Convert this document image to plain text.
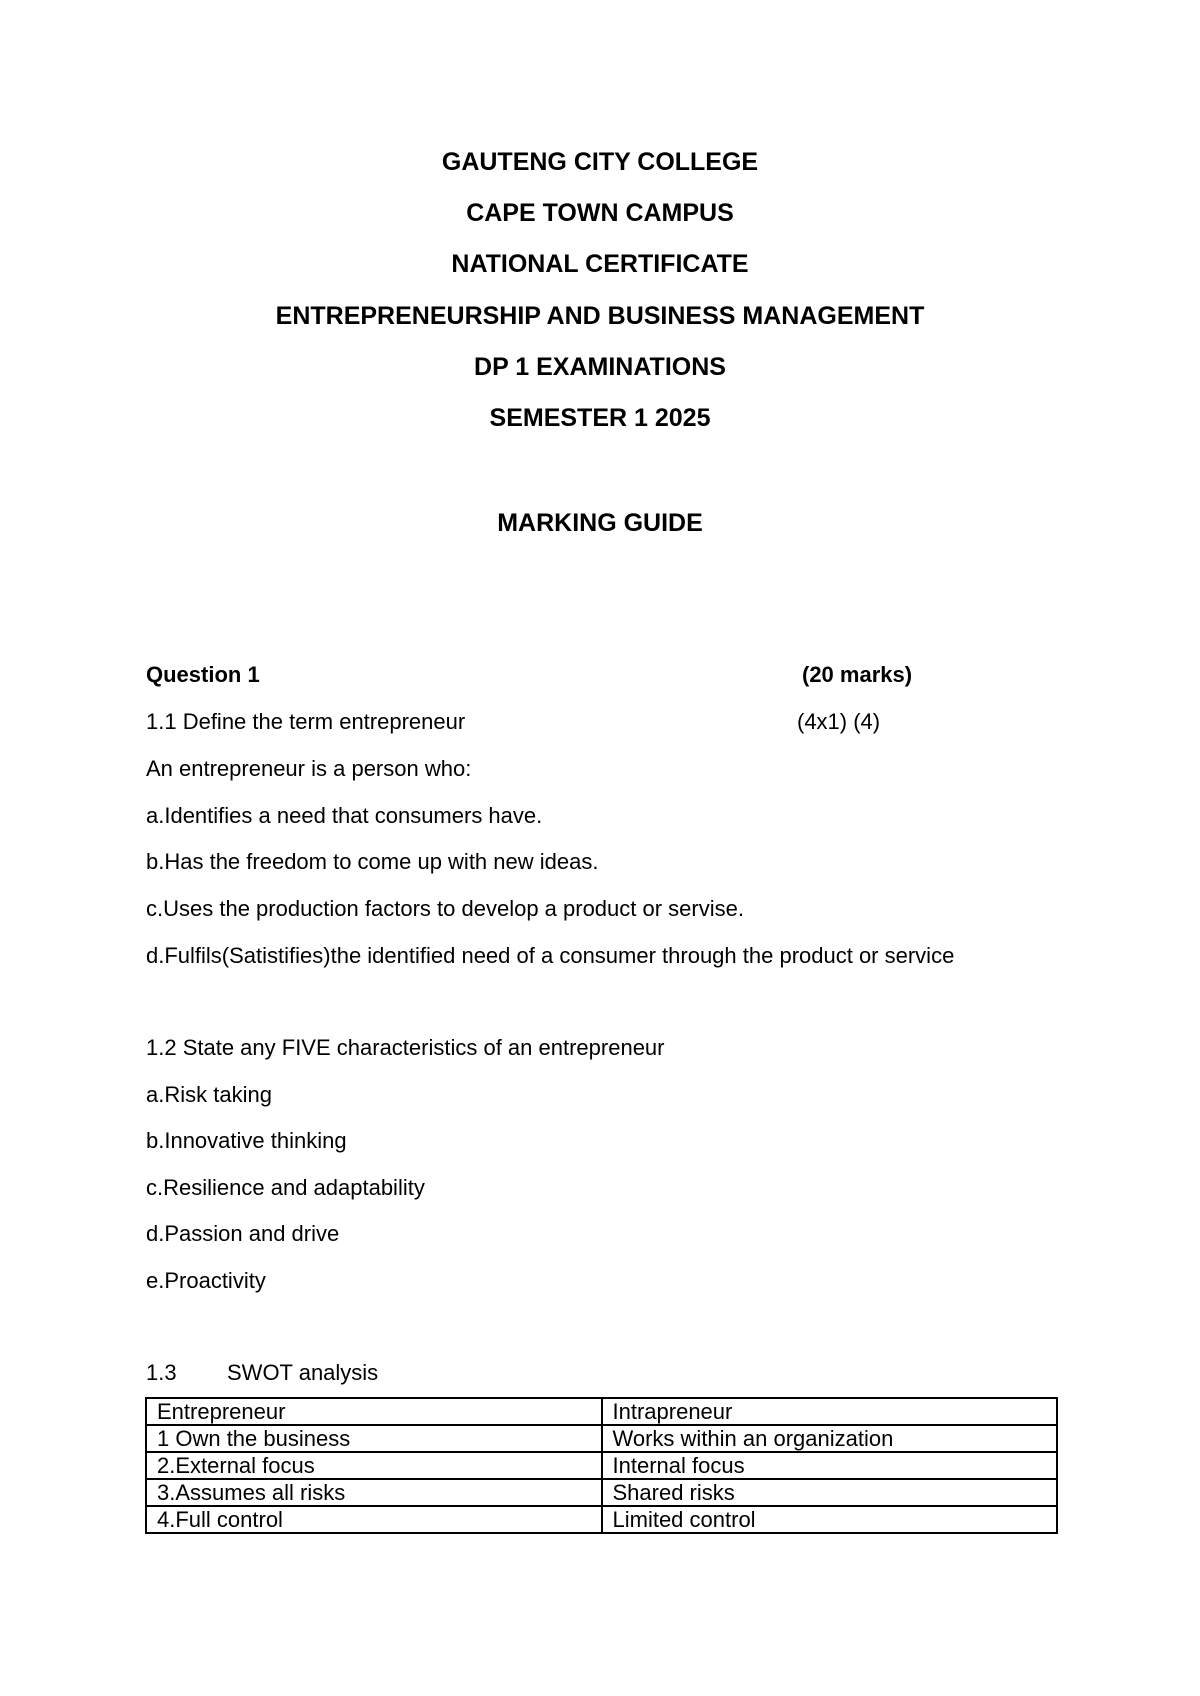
GAUTENG CITY COLLEGE
CAPE TOWN CAMPUS
NATIONAL CERTIFICATE
ENTREPRENEURSHIP AND BUSINESS MANAGEMENT
DP 1 EXAMINATIONS
SEMESTER 1 2025
MARKING GUIDE
Question 1	(20 marks)
1.1 Define the term entrepreneur	(4x1) (4)
An entrepreneur is a person who:
a.Identifies a need that consumers have.
b.Has the freedom to come up with new ideas.
c.Uses the production factors to develop a product or servise.
d.Fulfils(Satistifies)the identified need of a consumer through the product or service
1.2 State any FIVE characteristics of an entrepreneur
a.Risk taking
b.Innovative thinking
c.Resilience and adaptability
d.Passion and drive
e.Proactivity
1.3 SWOT analysis
Entrepreneur	Intrapreneur
1 Own the business	Works within an organization
2.External focus	Internal focus
3.Assumes all risks	Shared risks
4.Full control	Limited control
